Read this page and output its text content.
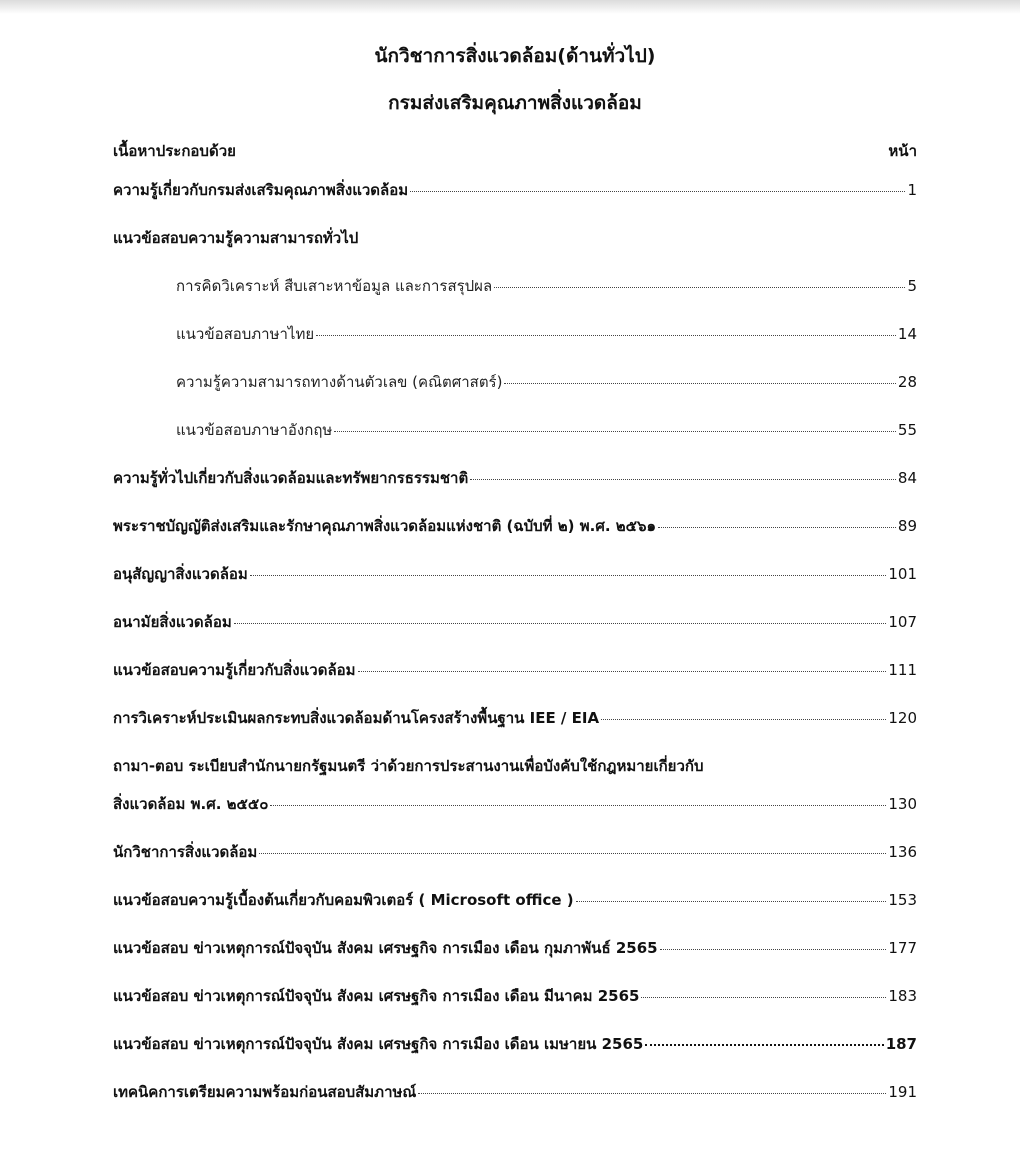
นักวิชาการสิ่งแวดล้อม(ด้านทั่วไป)
กรมส่งเสริมคุณภาพสิ่งแวดล้อม
เนื้อหาประกอบด้วย	หน้า
ความรู้เกี่ยวกับกรมส่งเสริมคุณภาพสิ่งแวดล้อม	1
แนวข้อสอบความรู้ความสามารถทั่วไป
การคิดวิเคราะห์ สืบเสาะหาข้อมูล และการสรุปผล	5
แนวข้อสอบภาษาไทย	14
ความรู้ความสามารถทางด้านตัวเลข (คณิตศาสตร์)	28
แนวข้อสอบภาษาอังกฤษ	55
ความรู้ทั่วไปเกี่ยวกับสิ่งแวดล้อมและทรัพยากรธรรมชาติ	84
พระราชบัญญัติส่งเสริมและรักษาคุณภาพสิ่งแวดล้อมแห่งชาติ (ฉบับที่ ๒) พ.ศ. ๒๕๖๑	89
อนุสัญญาสิ่งแวดล้อม	101
อนามัยสิ่งแวดล้อม	107
แนวข้อสอบความรู้เกี่ยวกับสิ่งแวดล้อม	111
การวิเคราะห์ประเมินผลกระทบสิ่งแวดล้อมด้านโครงสร้างพื้นฐาน IEE / EIA	120
ถามา-ตอบ ระเบียบสำนักนายกรัฐมนตรี ว่าด้วยการประสานงานเพื่อบังคับใช้กฎหมายเกี่ยวกับ
สิ่งแวดล้อม พ.ศ. ๒๕๕๐	130
นักวิชาการสิ่งแวดล้อม	136
แนวข้อสอบความรู้เบื้องต้นเกี่ยวกับคอมพิวเตอร์ ( Microsoft office )	153
แนวข้อสอบ ข่าวเหตุการณ์ปัจจุบัน สังคม เศรษฐกิจ การเมือง เดือน กุมภาพันธ์ 2565	177
แนวข้อสอบ ข่าวเหตุการณ์ปัจจุบัน สังคม เศรษฐกิจ การเมือง เดือน มีนาคม 2565	183
แนวข้อสอบ ข่าวเหตุการณ์ปัจจุบัน สังคม เศรษฐกิจ การเมือง เดือน เมษายน 2565	187
เทคนิคการเตรียมความพร้อมก่อนสอบสัมภาษณ์	191
